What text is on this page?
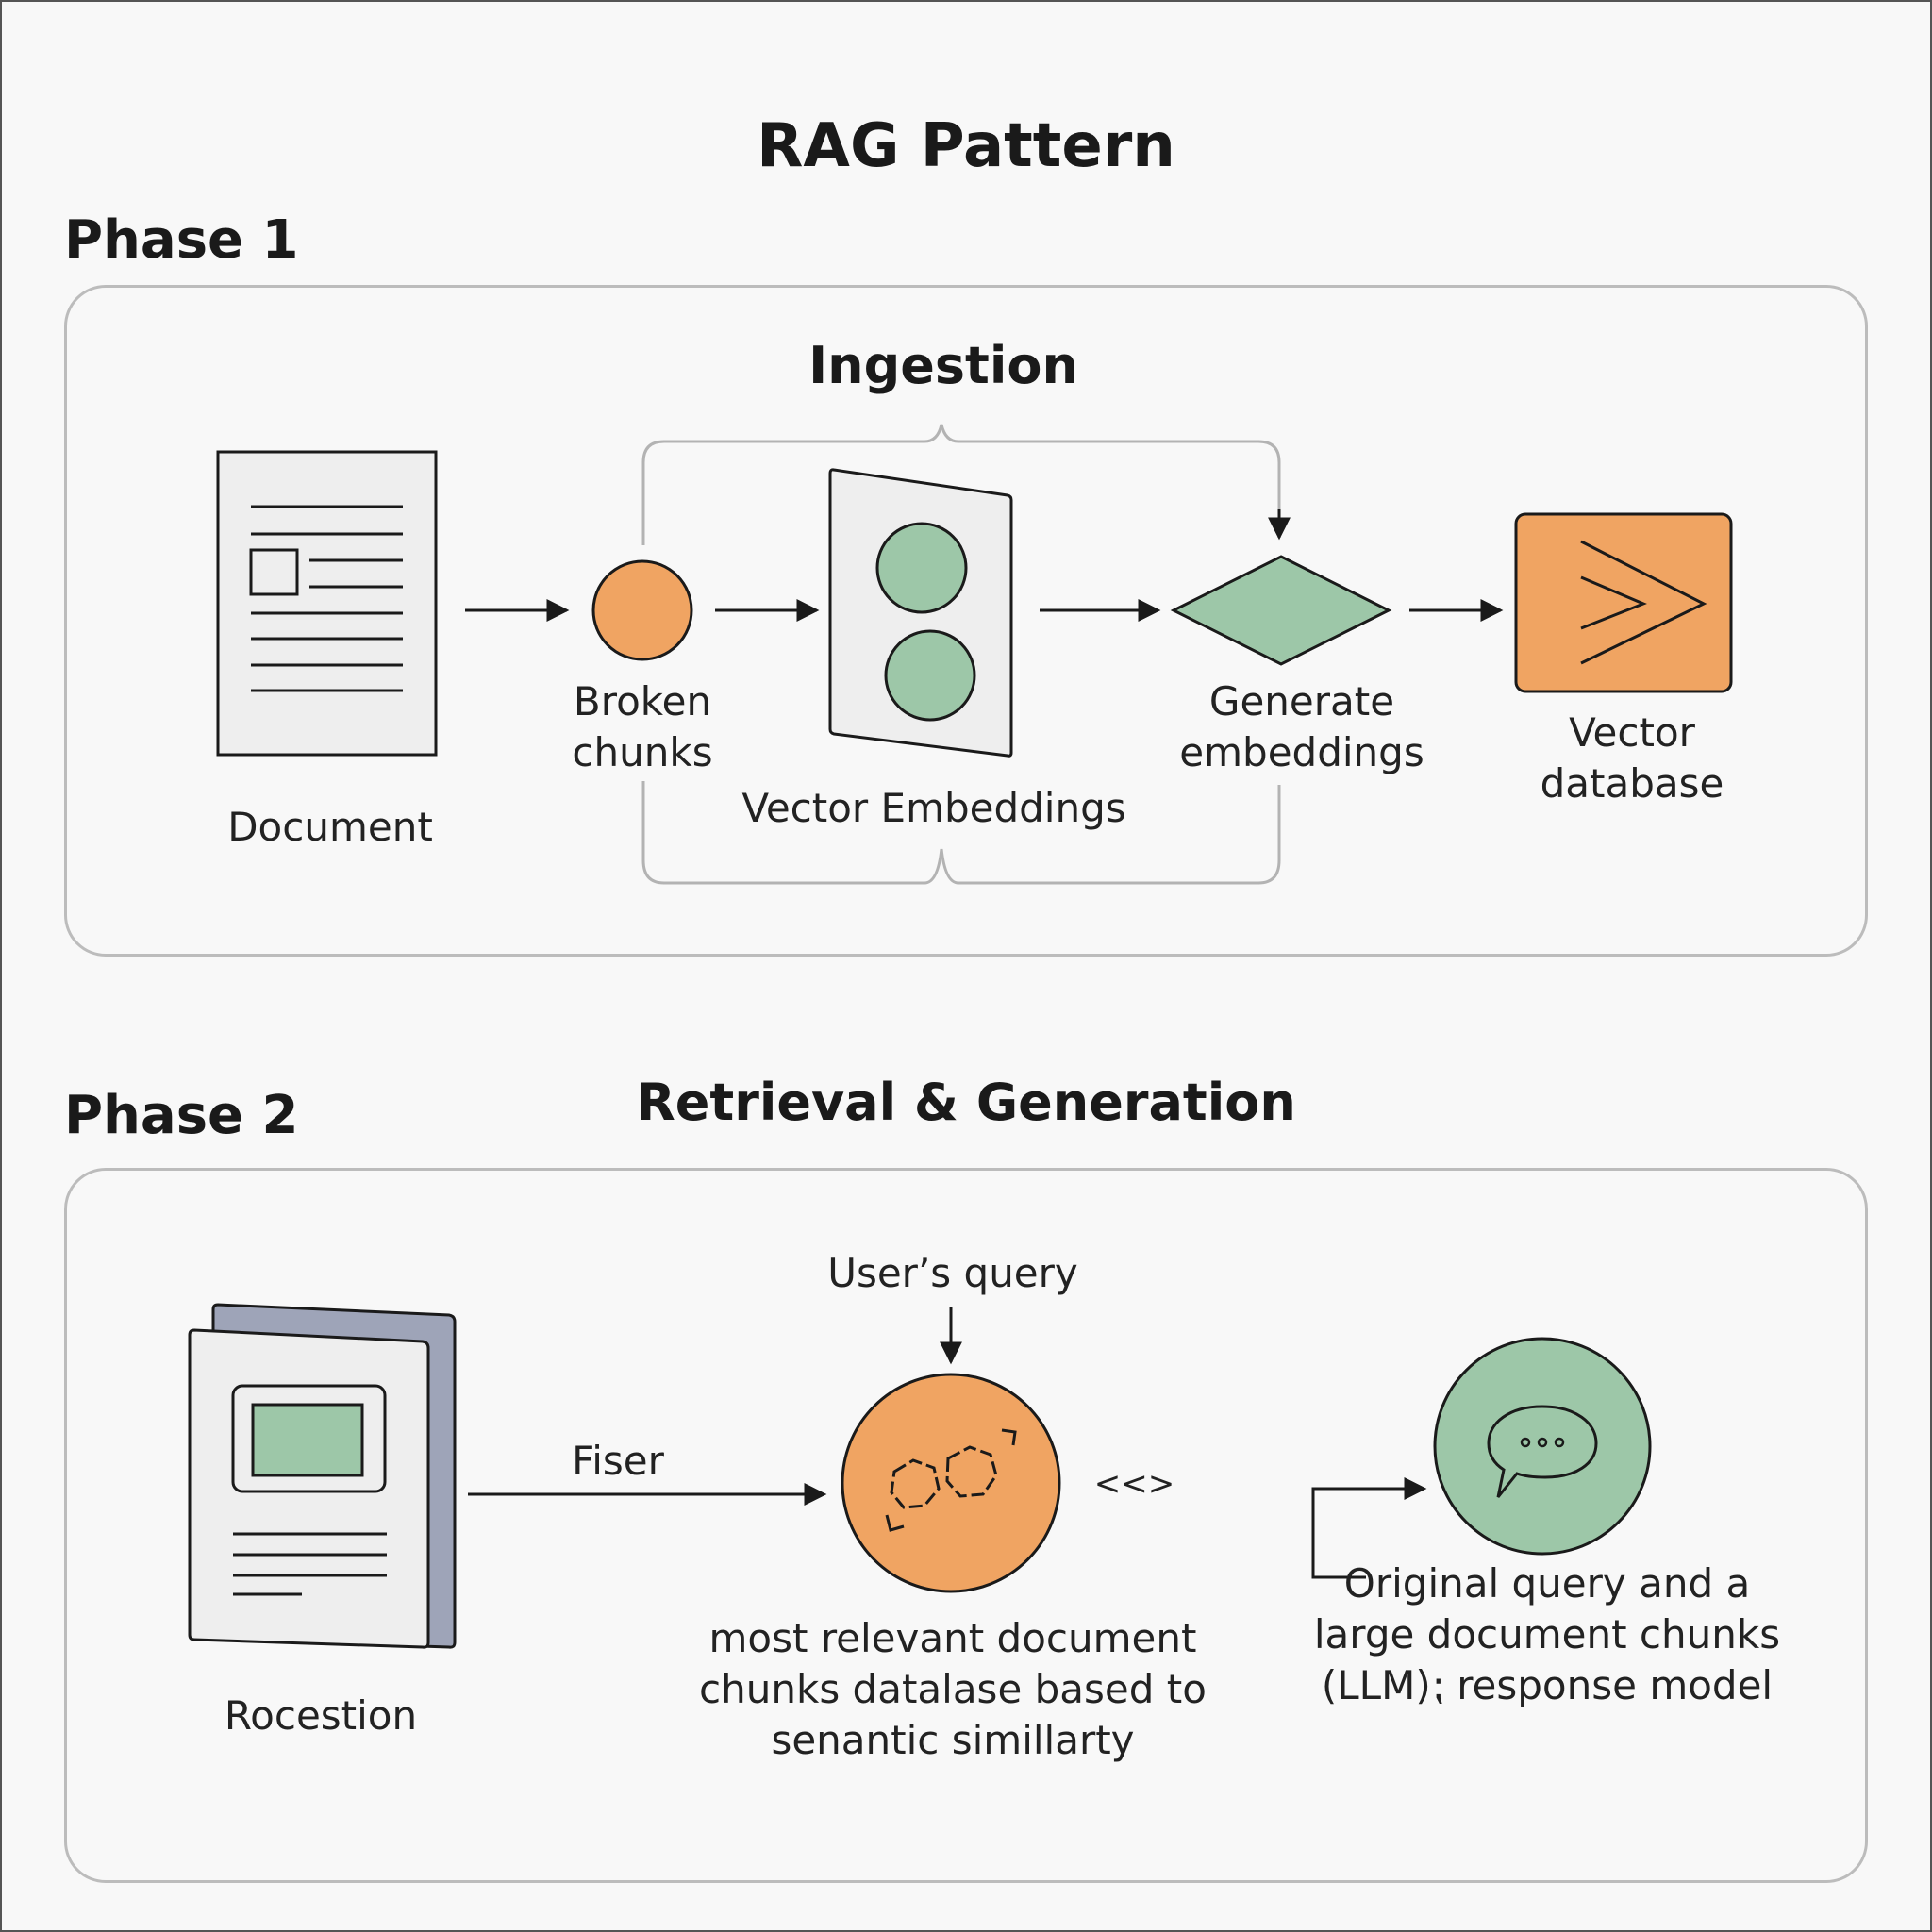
RAG Pattern
Phase 1
Ingestion
Document
Broken
chunks
Vector Embeddings
Generate
embeddings	Vector
database
Phase 2	Retrieval & Generation
Rocestion
Fiser
User’s query
<<>
most relevant document
chunks datalase based to
senantic simillarty
Original query and a
large document chunks
(LLM)⁏ response model
